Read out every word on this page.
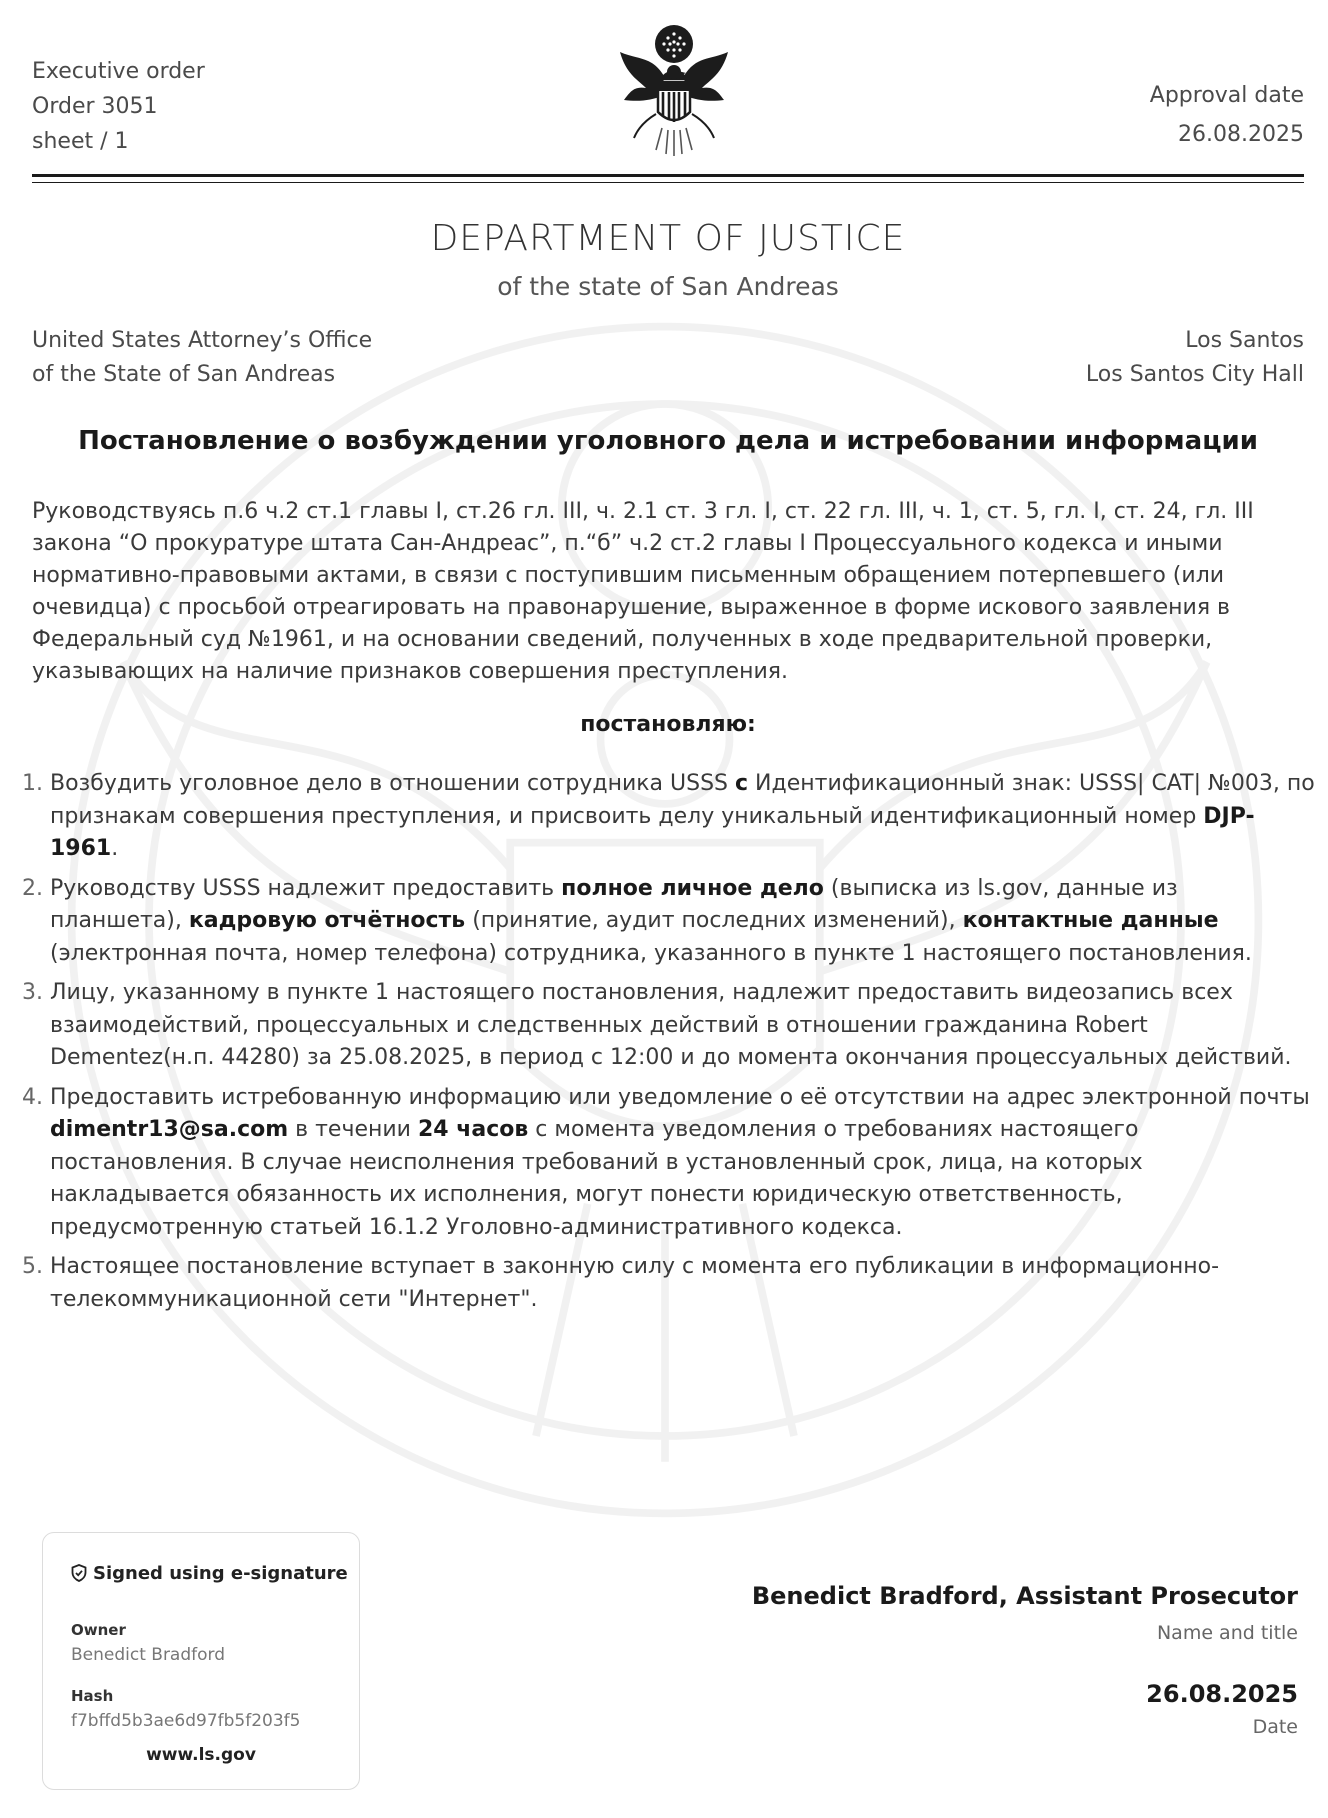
Executive order
Order 3051
sheet / 1
Approval date
26.08.2025
DEPARTMENT OF JUSTICE
of the state of San Andreas
United States Attorney’s Office
of the State of San Andreas
Los Santos
Los Santos City Hall
Постановление о возбуждении уголовного дела и истребовании информации
Руководствуясь п.6 ч.2 ст.1 главы I, ст.26 гл. III, ч. 2.1 ст. 3 гл. I, ст. 22 гл. III, ч. 1, ст. 5, гл. I, ст. 24, гл. III закона “О прокуратуре штата Сан-Андреас”, п.“б” ч.2 ст.2 главы I Процессуального кодекса и иными нормативно-правовыми актами, в связи с поступившим письменным обращением потерпевшего (или очевидца) с просьбой отреагировать на правонарушение, выраженное в форме искового заявления в Федеральный суд №1961, и на основании сведений, полученных в ходе предварительной проверки, указывающих на наличие признаков совершения преступления.
постановляю:
1. Возбудить уголовное дело в отношении сотрудника USSS с Идентификационный знак: USSS| CAT| №003, по признакам совершения преступления, и присвоить делу уникальный идентификационный номер DJP-1961.
2. Руководству USSS надлежит предоставить полное личное дело (выписка из ls.gov, данные из планшета), кадровую отчётность (принятие, аудит последних изменений), контактные данные (электронная почта, номер телефона) сотрудника, указанного в пункте 1 настоящего постановления.
3. Лицу, указанному в пункте 1 настоящего постановления, надлежит предоставить видеозапись всех взаимодействий, процессуальных и следственных действий в отношении гражданина Robert Dementez(н.п. 44280) за 25.08.2025, в период с 12:00 и до момента окончания процессуальных действий.
4. Предоставить истребованную информацию или уведомление о её отсутствии на адрес электронной почты dimentr13@sa.com в течении 24 часов с момента уведомления о требованиях настоящего постановления. В случае неисполнения требований в установленный срок, лица, на которых накладывается обязанность их исполнения, могут понести юридическую ответственность, предусмотренную статьей 16.1.2 Уголовно-административного кодекса.
5. Настоящее постановление вступает в законную силу с момента его публикации в информационно-телекоммуникационной сети "Интернет".
Signed using e-signature
Owner
Benedict Bradford
Hash
f7bffd5b3ae6d97fb5f203f5
www.ls.gov
Benedict Bradford, Assistant Prosecutor
Name and title
26.08.2025
Date
